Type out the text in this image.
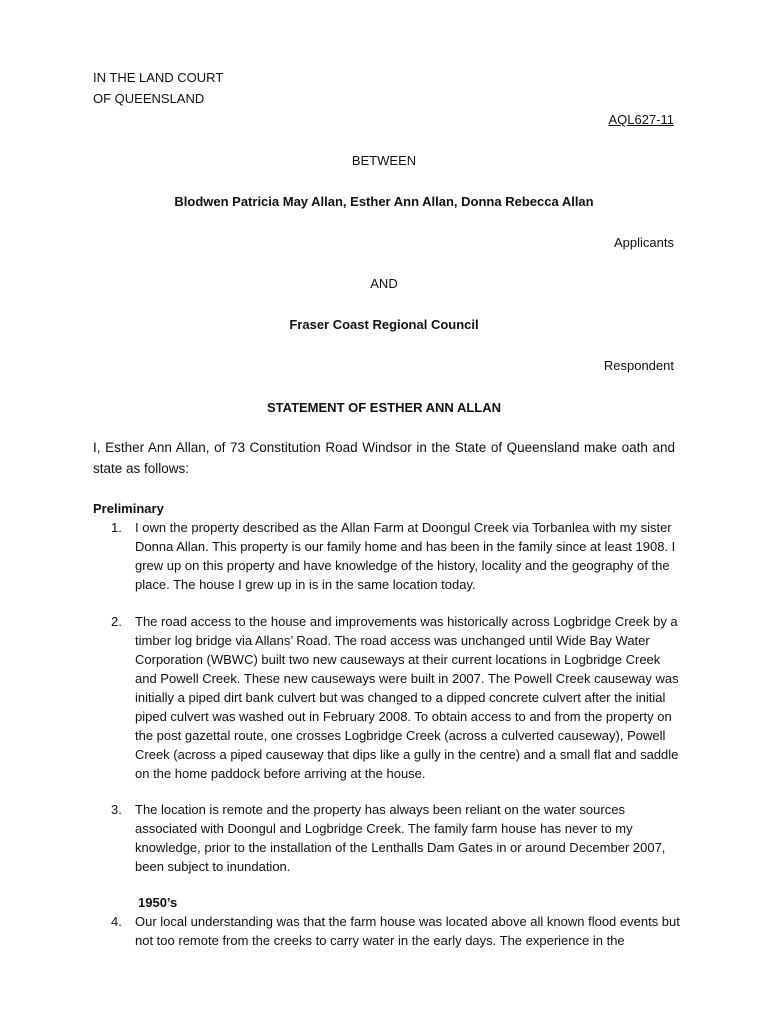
IN THE LAND COURT
OF QUEENSLAND
AQL627-11
BETWEEN
Blodwen Patricia May Allan, Esther Ann Allan, Donna Rebecca Allan
Applicants
AND
Fraser Coast Regional Council
Respondent
STATEMENT OF ESTHER ANN ALLAN

I, Esther Ann Allan, of 73 Constitution Road Windsor in the State of Queensland make oath and state as follows:

Preliminary
1. I own the property described as the Allan Farm at Doongul Creek via Torbanlea with my sister Donna Allan. This property is our family home and has been in the family since at least 1908. I grew up on this property and have knowledge of the history, locality and the geography of the place. The house I grew up in is in the same location today.

2. The road access to the house and improvements was historically across Logbridge Creek by a timber log bridge via Allans’ Road. The road access was unchanged until Wide Bay Water Corporation (WBWC) built two new causeways at their current locations in Logbridge Creek and Powell Creek. These new causeways were built in 2007. The Powell Creek causeway was initially a piped dirt bank culvert but was changed to a dipped concrete culvert after the initial piped culvert was washed out in February 2008. To obtain access to and from the property on the post gazettal route, one crosses Logbridge Creek (across a culverted causeway), Powell Creek (across a piped causeway that dips like a gully in the centre) and a small flat and saddle on the home paddock before arriving at the house.

3. The location is remote and the property has always been reliant on the water sources associated with Doongul and Logbridge Creek. The family farm house has never to my knowledge, prior to the installation of the Lenthalls Dam Gates in or around December 2007, been subject to inundation.

1950’s
4. Our local understanding was that the farm house was located above all known flood events but not too remote from the creeks to carry water in the early days. The experience in the
